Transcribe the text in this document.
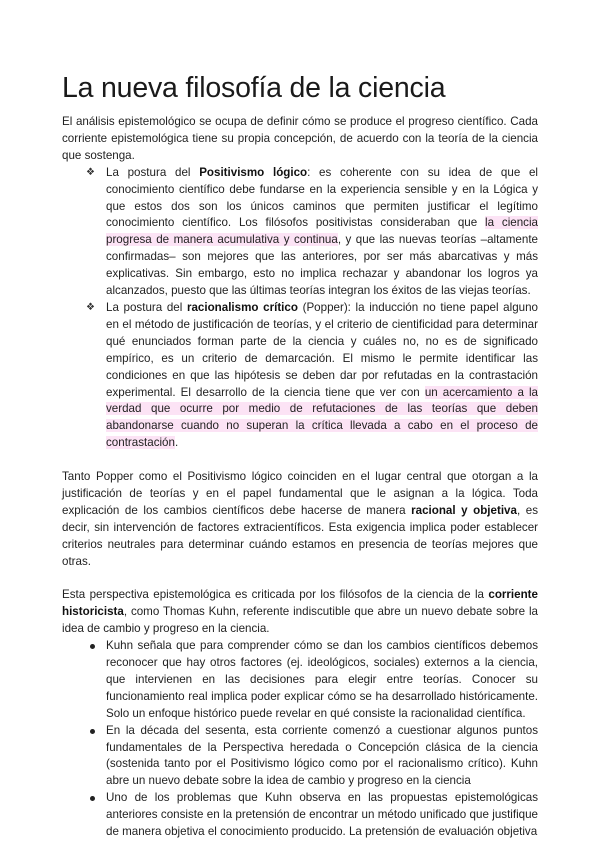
La nueva filosofía de la ciencia

El análisis epistemológico se ocupa de definir cómo se produce el progreso científico. Cada corriente epistemológica tiene su propia concepción, de acuerdo con la teoría de la ciencia que sostenga.

❖ La postura del Positivismo lógico: es coherente con su idea de que el conocimiento científico debe fundarse en la experiencia sensible y en la Lógica y que estos dos son los únicos caminos que permiten justificar el legítimo conocimiento científico. Los filósofos positivistas consideraban que la ciencia progresa de manera acumulativa y continua, y que las nuevas teorías –altamente confirmadas– son mejores que las anteriores, por ser más abarcativas y más explicativas. Sin embargo, esto no implica rechazar y abandonar los logros ya alcanzados, puesto que las últimas teorías integran los éxitos de las viejas teorías.
❖ La postura del racionalismo crítico (Popper): la inducción no tiene papel alguno en el método de justificación de teorías, y el criterio de cientificidad para determinar qué enunciados forman parte de la ciencia y cuáles no, no es de significado empírico, es un criterio de demarcación. El mismo le permite identificar las condiciones en que las hipótesis se deben dar por refutadas en la contrastación experimental. El desarrollo de la ciencia tiene que ver con un acercamiento a la verdad que ocurre por medio de refutaciones de las teorías que deben abandonarse cuando no superan la crítica llevada a cabo en el proceso de contrastación.

Tanto Popper como el Positivismo lógico coinciden en el lugar central que otorgan a la justificación de teorías y en el papel fundamental que le asignan a la lógica. Toda explicación de los cambios científicos debe hacerse de manera racional y objetiva, es decir, sin intervención de factores extracientíficos. Esta exigencia implica poder establecer criterios neutrales para determinar cuándo estamos en presencia de teorías mejores que otras.

Esta perspectiva epistemológica es criticada por los filósofos de la ciencia de la corriente historicista, como Thomas Kuhn, referente indiscutible que abre un nuevo debate sobre la idea de cambio y progreso en la ciencia.

Kuhn señala que para comprender cómo se dan los cambios científicos debemos reconocer que hay otros factores (ej. ideológicos, sociales) externos a la ciencia, que intervienen en las decisiones para elegir entre teorías. Conocer su funcionamiento real implica poder explicar cómo se ha desarrollado históricamente. Solo un enfoque histórico puede revelar en qué consiste la racionalidad científica.
En la década del sesenta, esta corriente comenzó a cuestionar algunos puntos fundamentales de la Perspectiva heredada o Concepción clásica de la ciencia (sostenida tanto por el Positivismo lógico como por el racionalismo crítico). Kuhn abre un nuevo debate sobre la idea de cambio y progreso en la ciencia
Uno de los problemas que Kuhn observa en las propuestas epistemológicas anteriores consiste en la pretensión de encontrar un método unificado que justifique de manera objetiva el conocimiento producido. La pretensión de evaluación objetiva
